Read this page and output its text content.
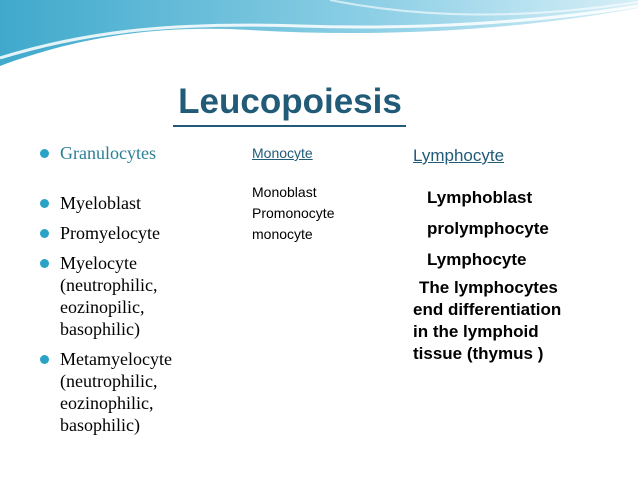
Leucopoiesis
Granulocytes
Myeloblast
Promyelocyte
Myelocyte
(neutrophilic,
eozinopilic,
basophilic)
Metamyelocyte
(neutrophilic,
eozinophilic,
basophilic)
Monocyte
Monoblast
Promonocyte
monocyte
Lymphocyte
Lymphoblast
prolymphocyte
Lymphocyte
The lymphocytes
end differentiation
in the lymphoid
tissue (thymus )
